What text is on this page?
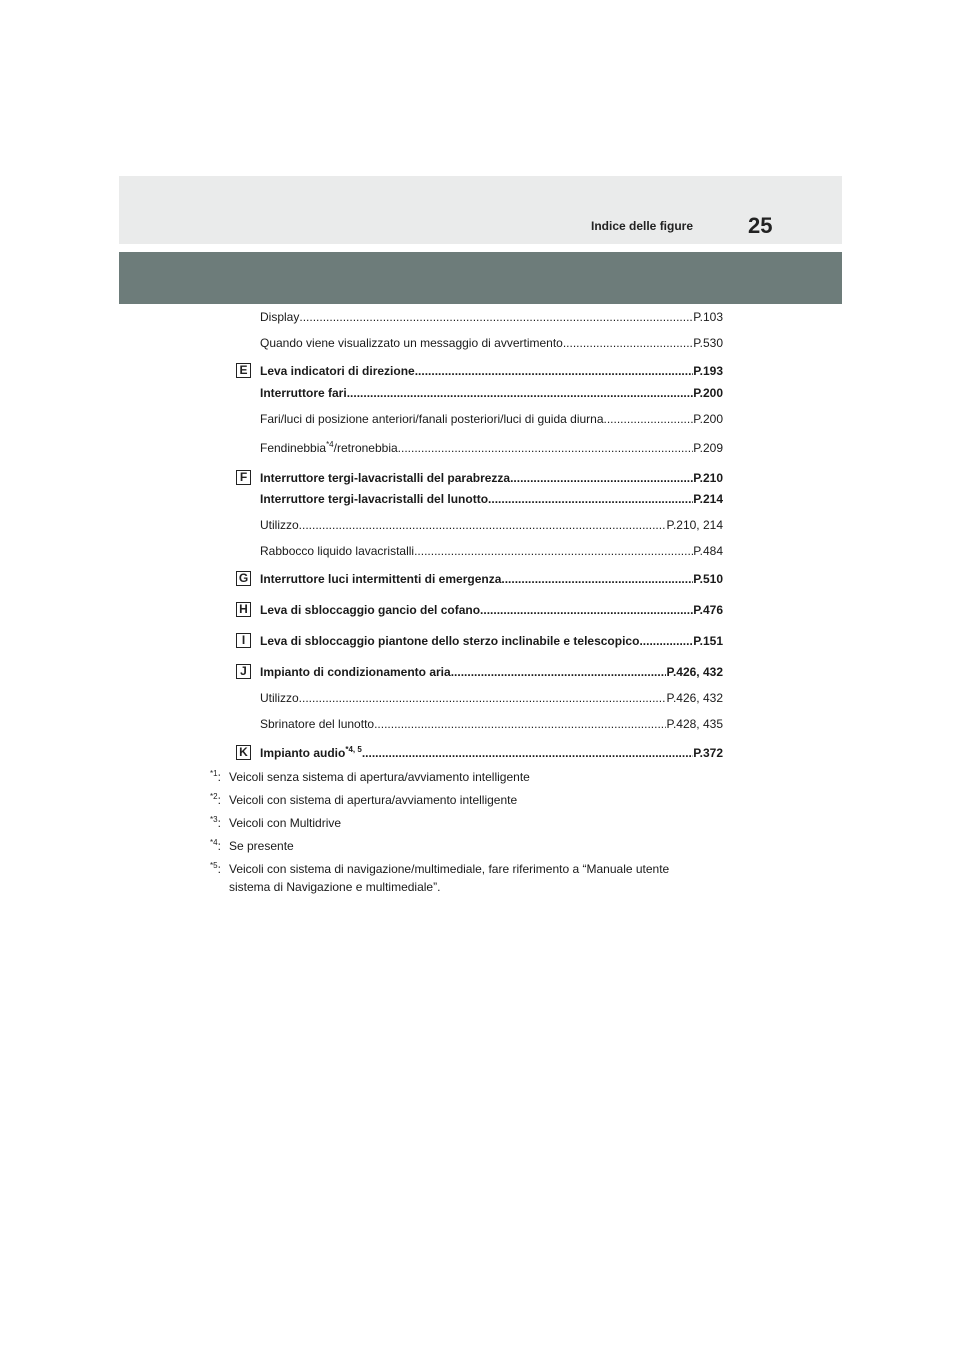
Indice delle figure 25
Display .....	P.103
Quando viene visualizzato un messaggio di avvertimento .....	P.530
E Leva indicatori di direzione .....	P.193
Interruttore fari .....	P.200
Fari/luci di posizione anteriori/fanali posteriori/luci di guida diurna .....	P.200
Fendinebbia$^{*4}$/retronebbia .....	P.209
F	Interruttore tergi-lavacristalli del parabrezza .....	P.210
Interruttore tergi-lavacristalli del lunotto .....	P.214
Utilizzo .....	P.210, 214
Rabbocco liquido lavacristalli .....	P.484
G Interruttore luci intermittenti di emergenza .....	P.510
H Leva di sbloccaggio gancio del cofano .....	P.476
I	Leva di sbloccaggio piantone dello sterzo inclinabile e telescopico .....	P.151
J	Impianto di condizionamento aria .....	P.426, 432
Utilizzo .....	P.426, 432
Sbrinatore del lunotto .....	P.428, 435
K Impianto audio$^{*4, 5}$ .....	P.372
$^{*1}$: Veicoli senza sistema di apertura/avviamento intelligente
$^{*2}$: Veicoli con sistema di apertura/avviamento intelligente
$^{*3}$: Veicoli con Multidrive
$^{*4}$: Se presente
$^{*5}$: Veicoli con sistema di navigazione/multimediale, fare riferimento a “Manuale utente
sistema di Navigazione e multimediale”.
